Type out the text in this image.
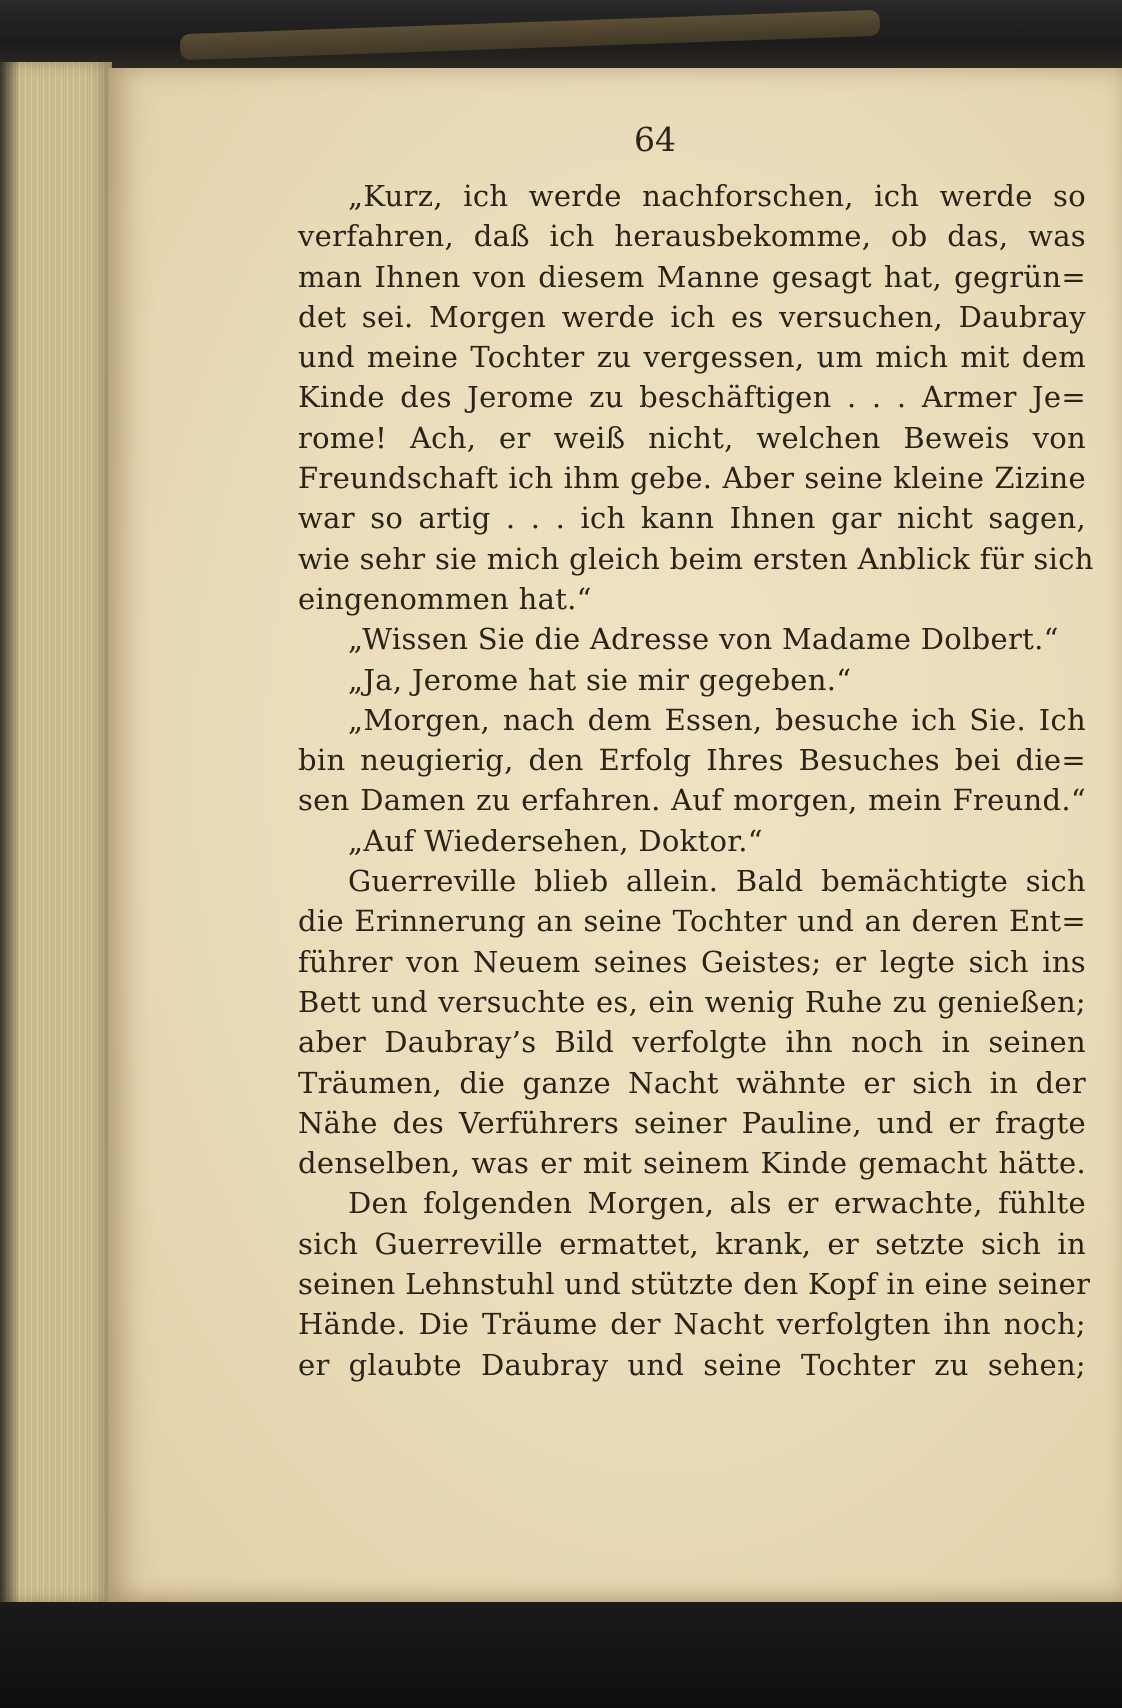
64
„Kurz, ich werde nachforschen, ich werde so
verfahren, daß ich herausbekomme, ob das, was
man Ihnen von diesem Manne gesagt hat, gegrün=
det sei. Morgen werde ich es versuchen, Daubray
und meine Tochter zu vergessen, um mich mit dem
Kinde des Jerome zu beschäftigen . . . Armer Je=
rome! Ach, er weiß nicht, welchen Beweis von
Freundschaft ich ihm gebe. Aber seine kleine Zizine
war so artig . . . ich kann Ihnen gar nicht sagen,
wie sehr sie mich gleich beim ersten Anblick für sich
eingenommen hat.“
„Wissen Sie die Adresse von Madame Dolbert.“
„Ja, Jerome hat sie mir gegeben.“
„Morgen, nach dem Essen, besuche ich Sie. Ich
bin neugierig, den Erfolg Ihres Besuches bei die=
sen Damen zu erfahren. Auf morgen, mein Freund.“
„Auf Wiedersehen, Doktor.“
Guerreville blieb allein. Bald bemächtigte sich
die Erinnerung an seine Tochter und an deren Ent=
führer von Neuem seines Geistes; er legte sich ins
Bett und versuchte es, ein wenig Ruhe zu genießen;
aber Daubray’s Bild verfolgte ihn noch in seinen
Träumen, die ganze Nacht wähnte er sich in der
Nähe des Verführers seiner Pauline, und er fragte
denselben, was er mit seinem Kinde gemacht hätte.
Den folgenden Morgen, als er erwachte, fühlte
sich Guerreville ermattet, krank, er setzte sich in
seinen Lehnstuhl und stützte den Kopf in eine seiner
Hände. Die Träume der Nacht verfolgten ihn noch;
er glaubte Daubray und seine Tochter zu sehen;
